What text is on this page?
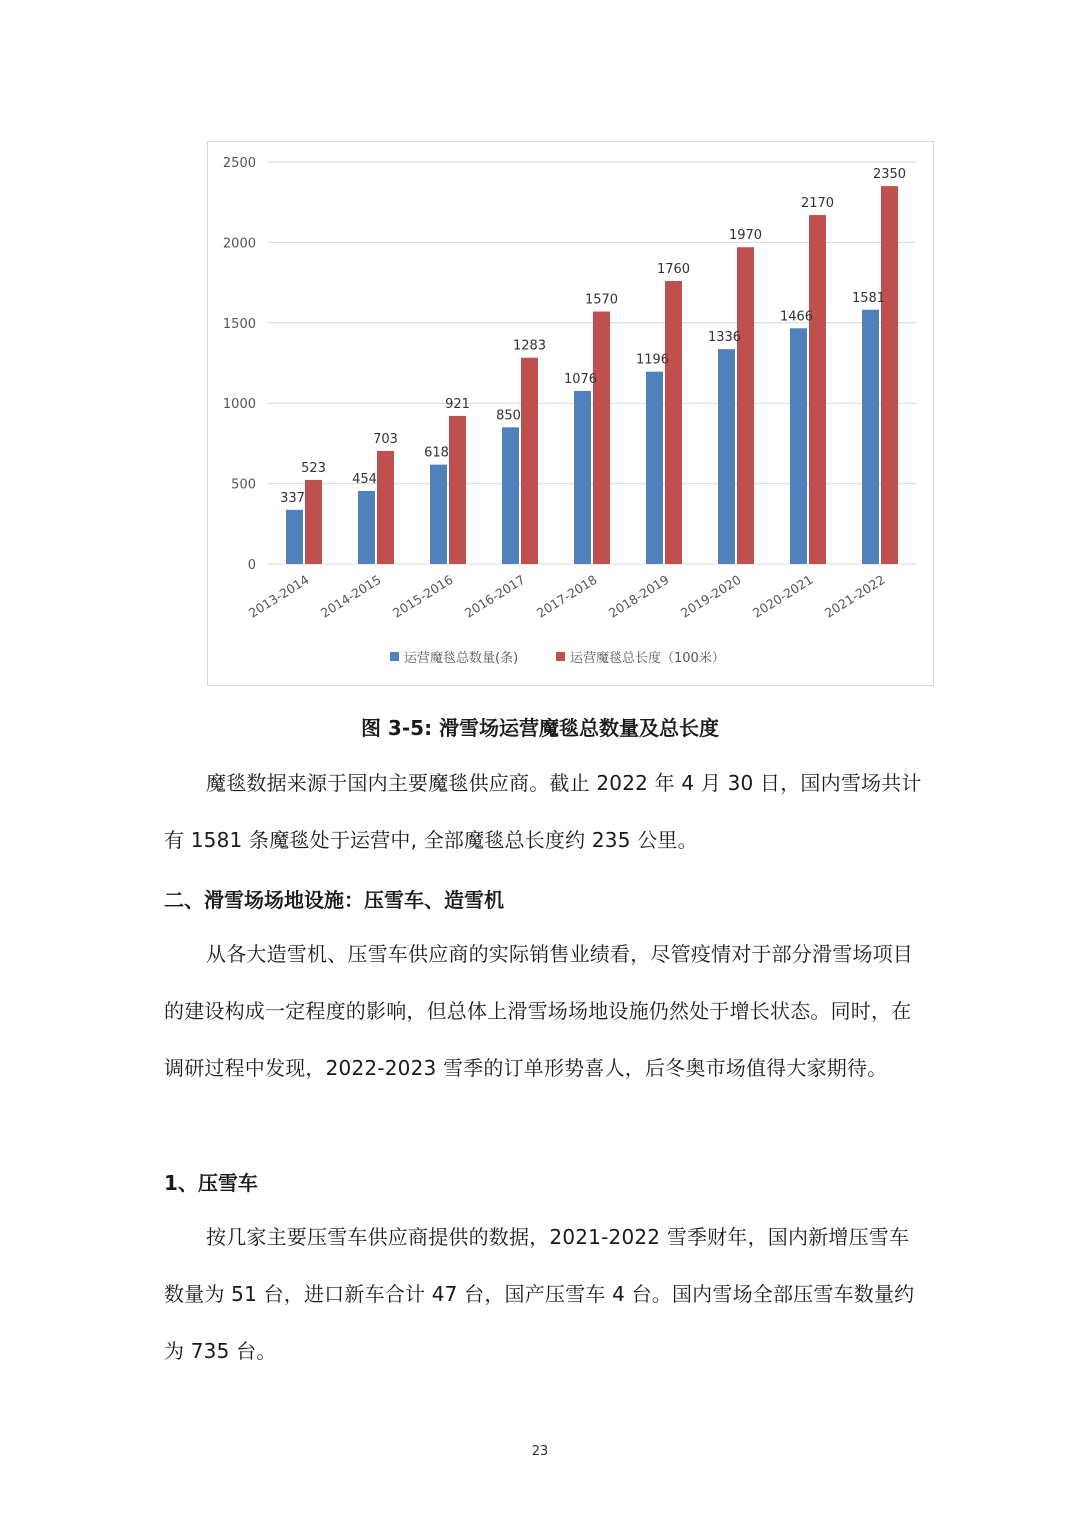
0
500
1000
1500
2000
2500
337
523
454
703
618
921
850
1283
1076
1570
1196
1760
1336
1970
1466
2170
1581
2350
2013-2014 2014-2015 2015-2016 2016-2017 2017-2018 2018-2019 2019-2020 2020-2021 2021-2022
运营魔毯总数量(条)	运营魔毯总长度（100米）
图 3-5: 滑雪场运营魔毯总数量及总长度
魔毯数据来源于国内主要魔毯供应商。截止 2022 年 4 月 30 日，国内雪场共计有 1581 条魔毯处于运营中, 全部魔毯总长度约 235 公里。
二、滑雪场场地设施：压雪车、造雪机
从各大造雪机、压雪车供应商的实际销售业绩看，尽管疫情对于部分滑雪场项目的建设构成一定程度的影响，但总体上滑雪场场地设施仍然处于增长状态。同时，在调研过程中发现，2022-2023 雪季的订单形势喜人，后冬奥市场值得大家期待。
1、压雪车
按几家主要压雪车供应商提供的数据，2021-2022 雪季财年，国内新增压雪车数量为 51 台，进口新车合计 47 台，国产压雪车 4 台。国内雪场全部压雪车数量约为 735 台。
23
